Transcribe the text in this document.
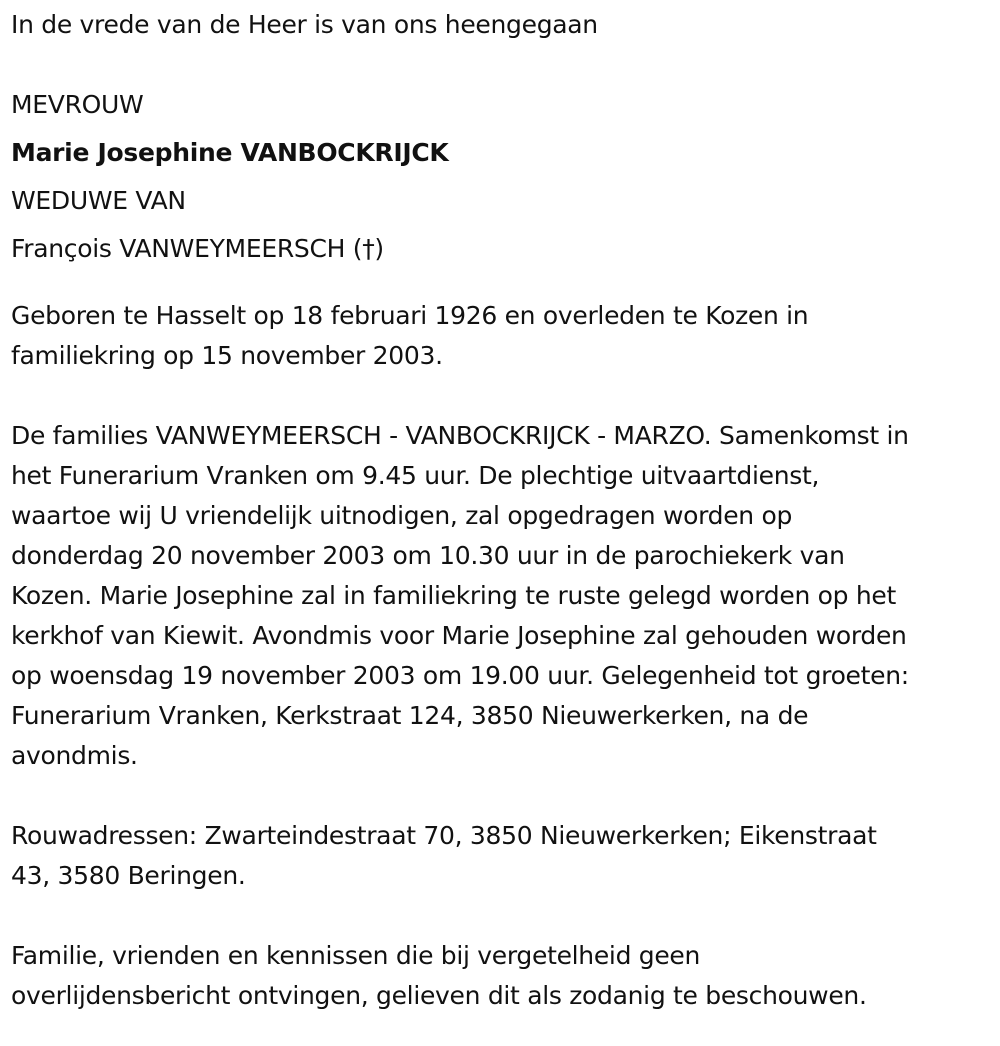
In de vrede van de Heer is van ons heengegaan
MEVROUW
Marie Josephine VANBOCKRIJCK
WEDUWE VAN
François VANWEYMEERSCH (†)
Geboren te Hasselt op 18 februari 1926 en overleden te Kozen in
familiekring op 15 november 2003.
De families VANWEYMEERSCH - VANBOCKRIJCK - MARZO. Samenkomst in
het Funerarium Vranken om 9.45 uur. De plechtige uitvaartdienst,
waartoe wij U vriendelijk uitnodigen, zal opgedragen worden op
donderdag 20 november 2003 om 10.30 uur in de parochiekerk van
Kozen. Marie Josephine zal in familiekring te ruste gelegd worden op het
kerkhof van Kiewit. Avondmis voor Marie Josephine zal gehouden worden
op woensdag 19 november 2003 om 19.00 uur. Gelegenheid tot groeten:
Funerarium Vranken, Kerkstraat 124, 3850 Nieuwerkerken, na de
avondmis.
Rouwadressen: Zwarteindestraat 70, 3850 Nieuwerkerken; Eikenstraat
43, 3580 Beringen.
Familie, vrienden en kennissen die bij vergetelheid geen
overlijdensbericht ontvingen, gelieven dit als zodanig te beschouwen.
